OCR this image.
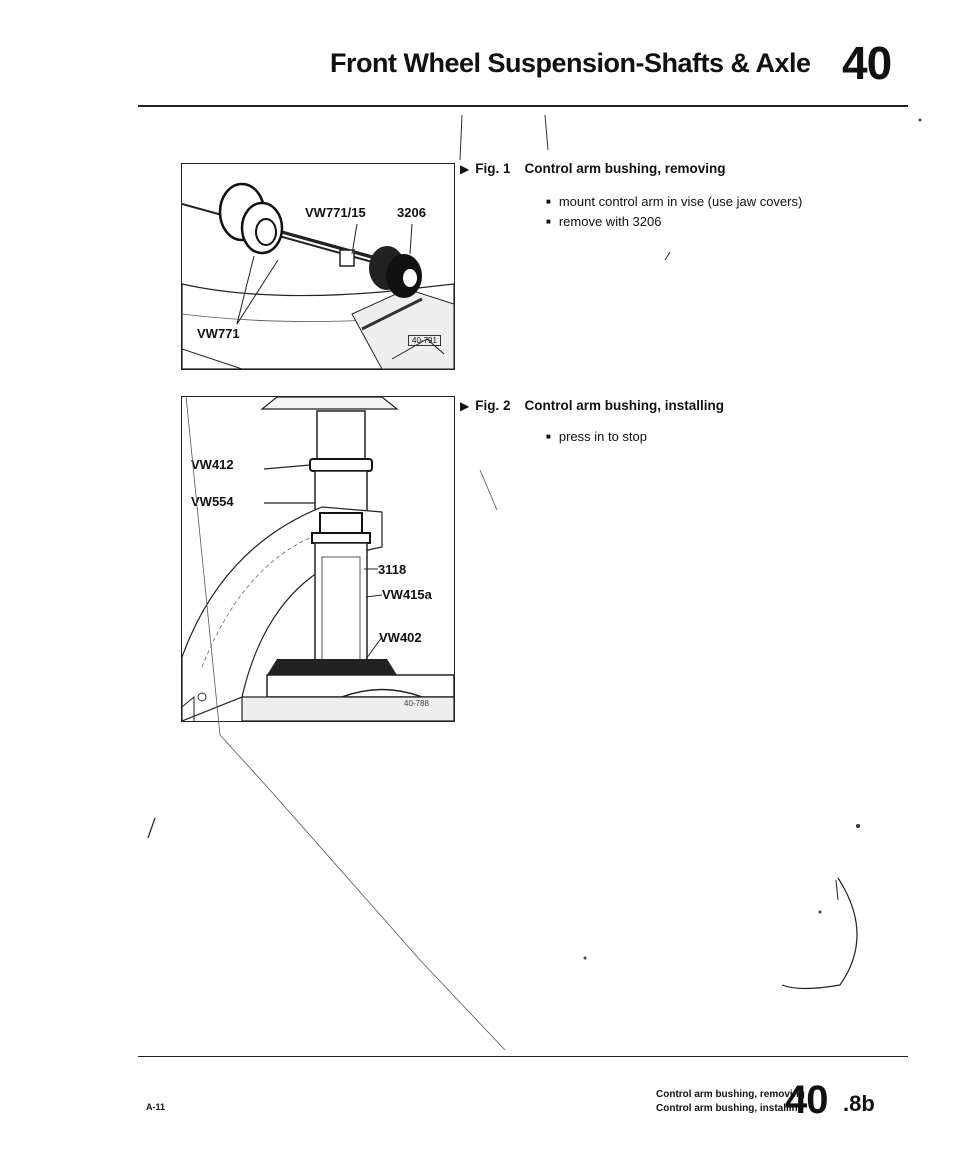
Front Wheel Suspension-Shafts & Axle 40
VW771/15 3206
VW771	40-791
VW412
VW554
3118
VW415a
VW402
40-788
▶ Fig. 1 Control arm bushing, removing
■ mount control arm in vise (use jaw covers)
■ remove with 3206
▶ Fig. 2 Control arm bushing, installing
■ press in to stop
A-11
Control arm bushing, removing
Control arm bushing, installing
40 .8b
